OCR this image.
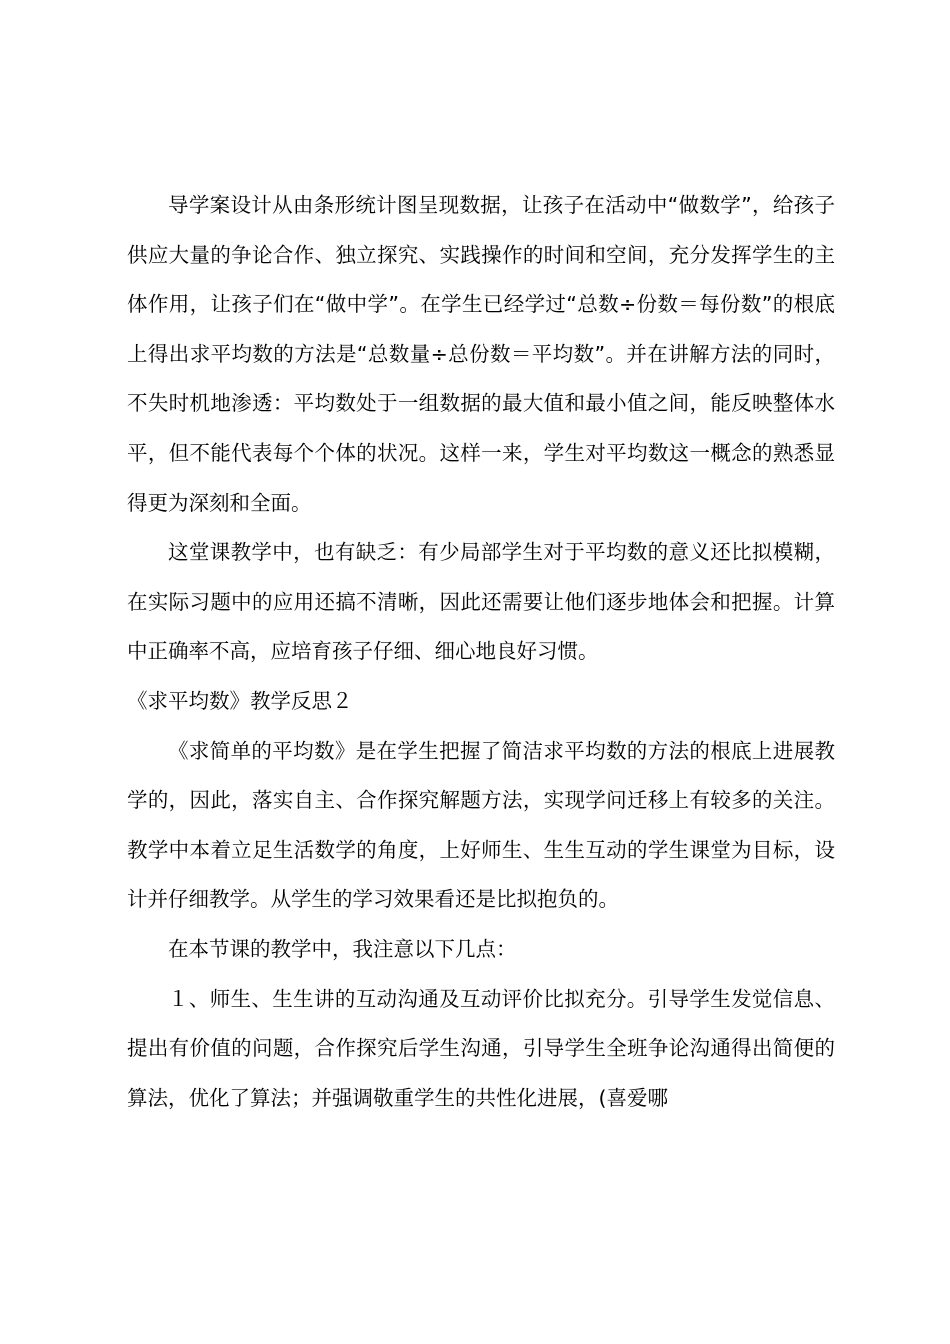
导学案设计从由条形统计图呈现数据，让孩子在活动中“做数学”，给孩子供应大量的争论合作、独立探究、实践操作的时间和空间，充分发挥学生的主体作用，让孩子们在“做中学”。在学生已经学过“总数÷份数＝每份数”的根底上得出求平均数的方法是“总数量÷总份数＝平均数”。并在讲解方法的同时，不失时机地渗透：平均数处于一组数据的最大值和最小值之间，能反映整体水平，但不能代表每个个体的状况。这样一来，学生对平均数这一概念的熟悉显得更为深刻和全面。

这堂课教学中，也有缺乏：有少局部学生对于平均数的意义还比拟模糊，在实际习题中的应用还搞不清晰，因此还需要让他们逐步地体会和把握。计算中正确率不高，应培育孩子仔细、细心地良好习惯。

《求平均数》教学反思２

《求简单的平均数》是在学生把握了简洁求平均数的方法的根底上进展教学的，因此，落实自主、合作探究解题方法，实现学问迁移上有较多的关注。教学中本着立足生活数学的角度，上好师生、生生互动的学生课堂为目标，设计并仔细教学。从学生的学习效果看还是比拟抱负的。

在本节课的教学中，我注意以下几点：

１、师生、生生讲的互动沟通及互动评价比拟充分。引导学生发觉信息、提出有价值的问题，合作探究后学生沟通，引导学生全班争论沟通得出简便的算法，优化了算法；并强调敬重学生的共性化进展，(喜爱哪
